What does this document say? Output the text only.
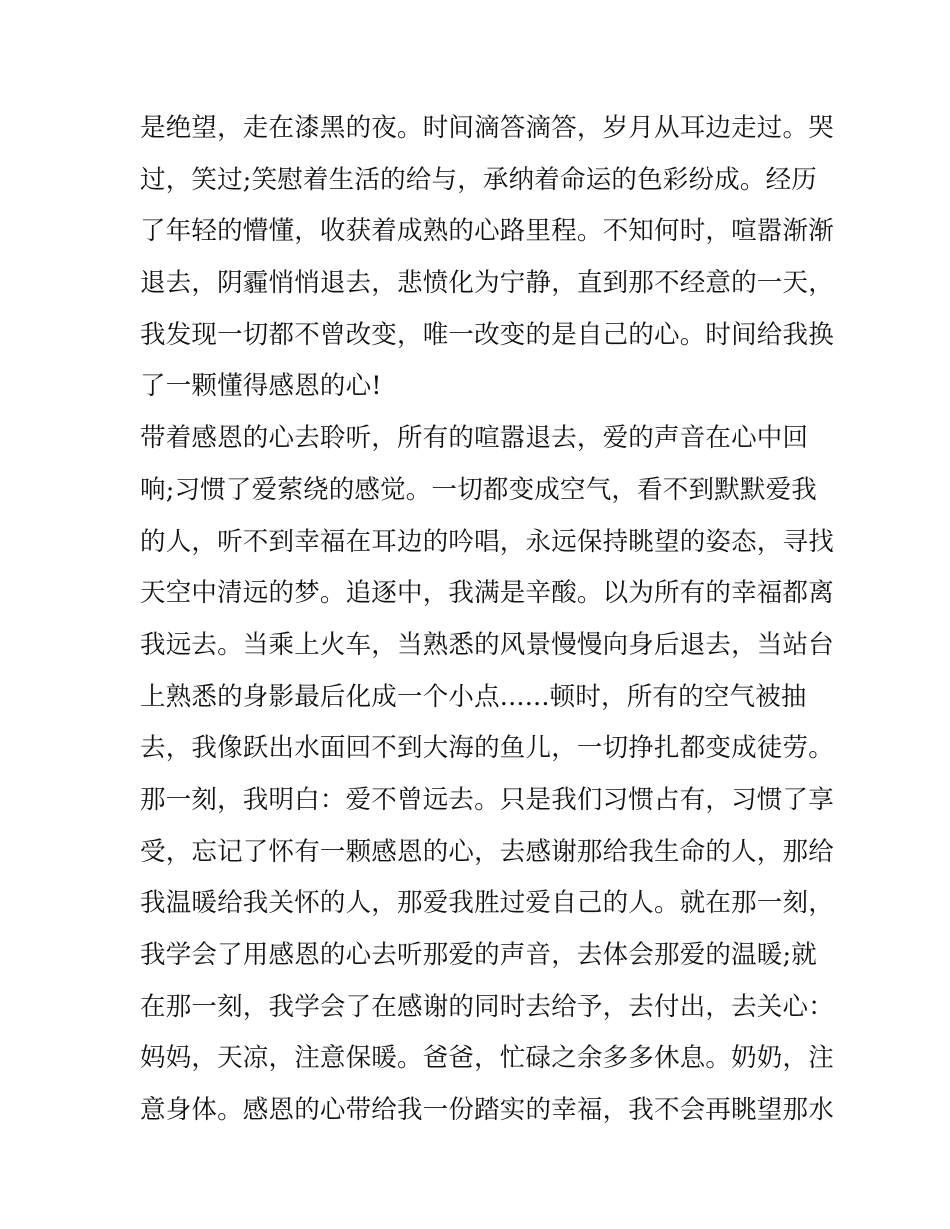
是绝望，走在漆黑的夜。时间滴答滴答，岁月从耳边走过。哭
过，笑过;笑慰着生活的给与，承纳着命运的色彩纷成。经历
了年轻的懵懂，收获着成熟的心路里程。不知何时，喧嚣渐渐
退去，阴霾悄悄退去，悲愤化为宁静，直到那不经意的一天，
我发现一切都不曾改变，唯一改变的是自己的心。时间给我换
了一颗懂得感恩的心!
带着感恩的心去聆听，所有的喧嚣退去，爱的声音在心中回
响;习惯了爱萦绕的感觉。一切都变成空气，看不到默默爱我
的人，听不到幸福在耳边的吟唱，永远保持眺望的姿态，寻找
天空中清远的梦。追逐中，我满是辛酸。以为所有的幸福都离
我远去。当乘上火车，当熟悉的风景慢慢向身后退去，当站台
上熟悉的身影最后化成一个小点......顿时，所有的空气被抽
去，我像跃出水面回不到大海的鱼儿，一切挣扎都变成徒劳。
那一刻，我明白：爱不曾远去。只是我们习惯占有，习惯了享
受，忘记了怀有一颗感恩的心，去感谢那给我生命的人，那给
我温暖给我关怀的人，那爱我胜过爱自己的人。就在那一刻，
我学会了用感恩的心去听那爱的声音，去体会那爱的温暖;就
在那一刻，我学会了在感谢的同时去给予，去付出，去关心：
妈妈，天凉，注意保暖。爸爸，忙碌之余多多休息。奶奶，注
意身体。感恩的心带给我一份踏实的幸福，我不会再眺望那水
